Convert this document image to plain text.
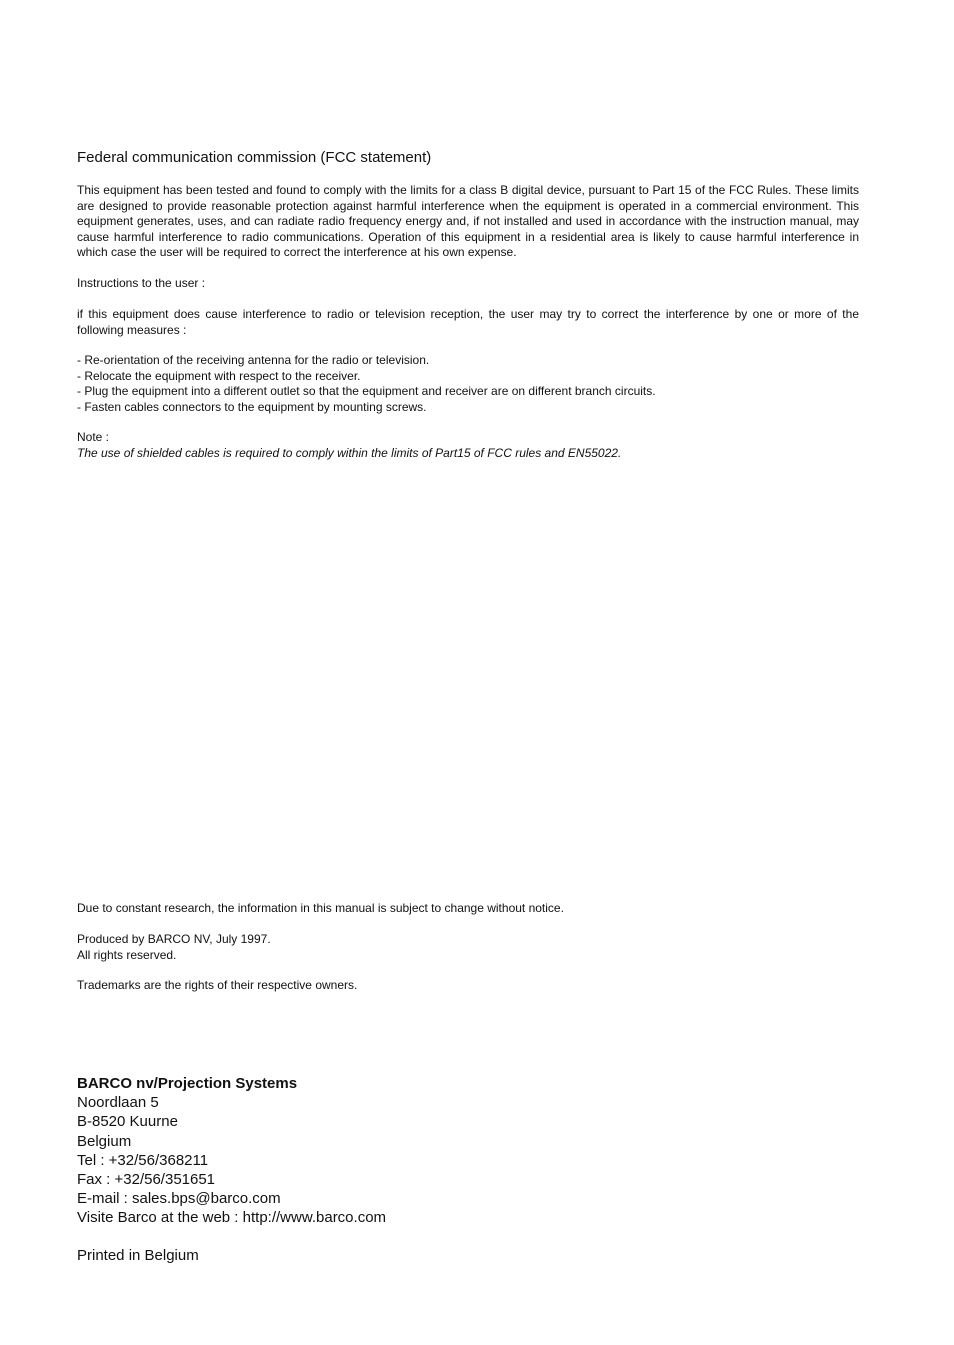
Federal communication commission (FCC statement)
This equipment has been tested and found to comply with the limits for a class B digital device, pursuant to Part 15 of the FCC Rules. These limits are designed to provide reasonable protection against harmful interference when the equipment is operated in a commercial environment. This equipment generates, uses, and can radiate radio frequency energy and, if not installed and used in accordance with the instruction manual, may cause harmful interference to radio communications. Operation of this equipment in a residential area is likely to cause harmful interference in which case the user will be required to correct the interference at his own expense.
Instructions to the user :
if this equipment does cause interference to radio or television reception, the user may try to correct the interference by one or more of the following measures :
- Re-orientation of the receiving antenna for the radio or television.
- Relocate the equipment with respect to the receiver.
- Plug the equipment into a different outlet so that the equipment and receiver are on different branch circuits.
- Fasten cables connectors to the equipment by mounting screws.
Note :
The use of shielded cables is required to comply within the limits of Part15 of FCC rules and EN55022.
Due to constant research, the information in this manual is subject to change without notice.
Produced by BARCO NV, July 1997.
All rights reserved.
Trademarks are the rights of their respective owners.
BARCO nv/Projection Systems
Noordlaan 5
B-8520 Kuurne
Belgium
Tel : +32/56/368211
Fax : +32/56/351651
E-mail : sales.bps@barco.com
Visite Barco at the web : http://www.barco.com
Printed in Belgium
